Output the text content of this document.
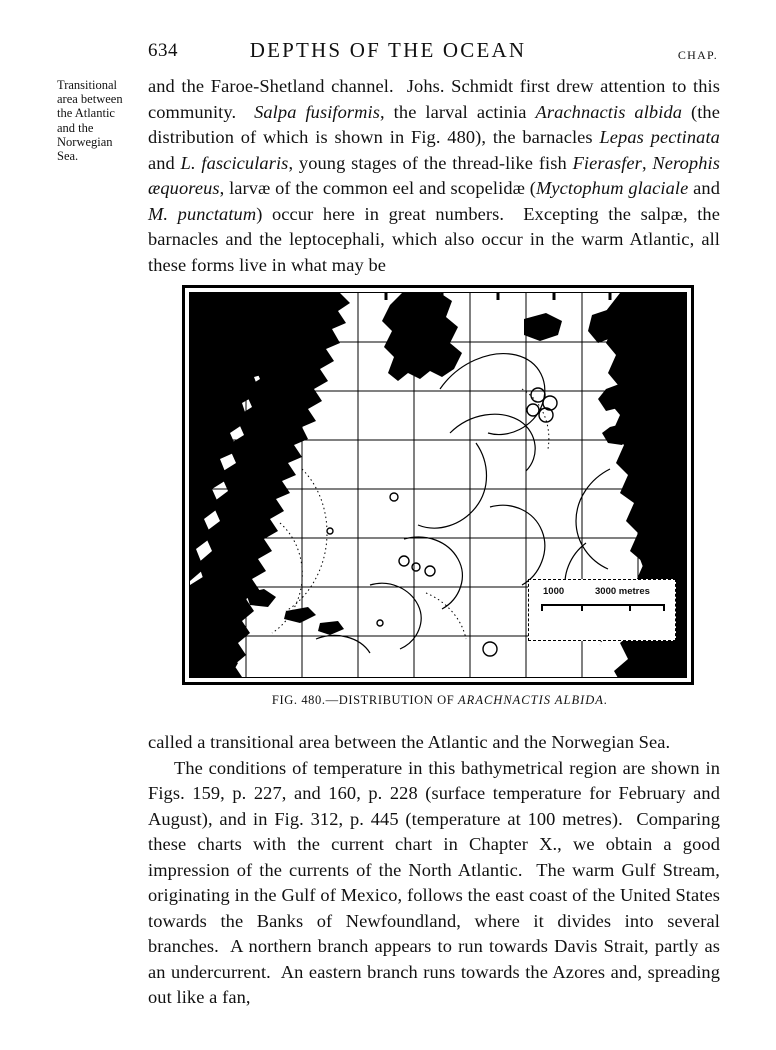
634	DEPTHS OF THE OCEAN	CHAP.
Transitional
area between
the Atlantic
and the
Norwegian
Sea.

and the Faroe-Shetland channel.  Johs. Schmidt first drew attention to this community.  Salpa fusiformis, the larval actinia Arachnactis albida (the distribution of which is shown in Fig. 480), the barnacles Lepas pectinata and L. fascicularis, young stages of the thread-like fish Fierasfer, Nerophis æquoreus, larvæ of the common eel and scopelidæ (Myctophum glaciale and M. punctatum) occur here in great numbers.  Excepting the salpæ, the barnacles and the leptocephali, which also occur in the warm Atlantic, all these forms live in what may be

1000	3000 metres
FIG. 480.—DISTRIBUTION OF ARACHNACTIS ALBIDA.

called a transitional area between the Atlantic and the Norwegian Sea.

The conditions of temperature in this bathymetrical region are shown in Figs. 159, p. 227, and 160, p. 228 (surface temperature for February and August), and in Fig. 312, p. 445 (temperature at 100 metres).  Comparing these charts with the current chart in Chapter X., we obtain a good impression of the currents of the North Atlantic.  The warm Gulf Stream, originating in the Gulf of Mexico, follows the east coast of the United States towards the Banks of Newfoundland, where it divides into several branches.  A northern branch appears to run towards Davis Strait, partly as an undercurrent.  An eastern branch runs towards the Azores and, spreading out like a fan,
